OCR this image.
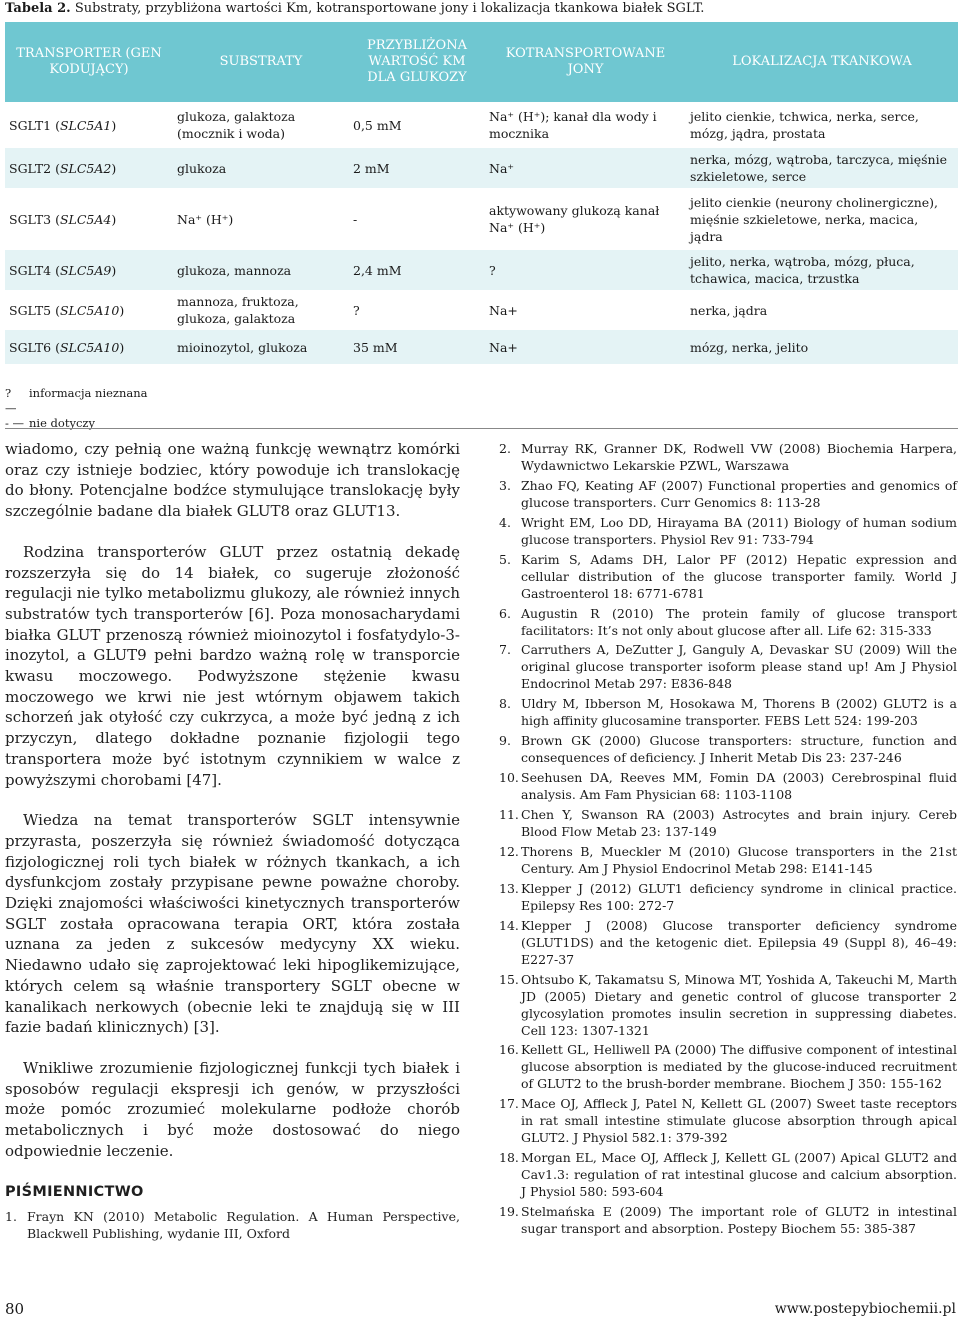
Tabela 2. Substraty, przybliżona wartości Km, kotransportowane jony i lokalizacja tkankowa białek SGLT.
TRANSPORTER (GEN KODUJĄCY)	SUBSTRATY	PRZYBLIŻONA WARTOŚĆ KM DLA GLUKOZY	KOTRANSPORTOWANE JONY	LOKALIZACJA TKANKOWA
SGLT1 (SLC5A1)	glukoza, galaktoza (mocznik i woda)	0,5 mM	Na⁺ (H⁺); kanał dla wody i mocznika	jelito cienkie, tchwica, nerka, serce, mózg, jądra, prostata
SGLT2 (SLC5A2)	glukoza	2 mM	Na⁺	nerka, mózg, wątroba, tarczyca, mięśnie szkieletowe, serce
SGLT3 (SLC5A4)	Na⁺ (H⁺)	-	aktywowany glukozą kanał Na⁺ (H⁺)	jelito cienkie (neurony cholinergiczne), mięśnie szkieletowe, nerka, macica, jądra
SGLT4 (SLC5A9)	glukoza, mannoza	2,4 mM	?	jelito, nerka, wątroba, mózg, płuca, tchawica, macica, trzustka
SGLT5 (SLC5A10)	mannoza, fruktoza, glukoza, galaktoza	?	Na+	nerka, jądra
SGLT6 (SLC5A10)	mioinozytol, glukoza	35 mM	Na+	mózg, nerka, jelito
? —
informacja nieznana
- — nie dotyczy

wiadomo, czy pełnią one ważną funkcję wewnątrz komórki oraz czy istnieje bodziec, który powoduje ich translokację do błony. Potencjalne bodźce stymulujące translokację były szczególnie badane dla białek GLUT8 oraz GLUT13.

Rodzina transporterów GLUT przez ostatnią dekadę rozszerzyła się do 14 białek, co sugeruje złożoność regulacji nie tylko metabolizmu glukozy, ale również innych substratów tych transporterów [6]. Poza monosacharydami białka GLUT przenoszą również mioinozytol i fosfatydylo-3-inozytol, a GLUT9 pełni bardzo ważną rolę w transporcie kwasu moczowego. Podwyższone stężenie kwasu moczowego we krwi nie jest wtórnym objawem takich schorzeń jak otyłość czy cukrzyca, a może być jedną z ich przyczyn, dlatego dokładne poznanie fizjologii tego transportera może być istotnym czynnikiem w walce z powyższymi chorobami [47].

Wiedza na temat transporterów SGLT intensywnie przyrasta, poszerzyła się również świadomość dotycząca fizjologicznej roli tych białek w różnych tkankach, a ich dysfunkcjom zostały przypisane pewne poważne choroby. Dzięki znajomości właściwości kinetycznych transporterów SGLT została opracowana terapia ORT, która została uznana za jeden z sukcesów medycyny XX wieku. Niedawno udało się zaprojektować leki hipoglikemizujące, których celem są właśnie transportery SGLT obecne w kanalikach nerkowych (obecnie leki te znajdują się w III fazie badań klinicznych) [3].

Wnikliwe zrozumienie fizjologicznej funkcji tych białek i sposobów regulacji ekspresji ich genów, w przyszłości może pomóc zrozumieć molekularne podłoże chorób metabolicznych i być może dostosować do niego odpowiednie leczenie.

PIŚMIENNICTWO
1. Frayn KN (2010) Metabolic Regulation. A Human Perspective, Blackwell Publishing, wydanie III, Oxford
2. Murray RK, Granner DK, Rodwell VW (2008) Biochemia Harpera, Wydawnictwo Lekarskie PZWL, Warszawa
3. Zhao FQ, Keating AF (2007) Functional properties and genomics of glucose transporters. Curr Genomics 8: 113-28
4. Wright EM, Loo DD, Hirayama BA (2011) Biology of human sodium glucose transporters. Physiol Rev 91: 733-794
5. Karim S, Adams DH, Lalor PF (2012) Hepatic expression and cellular distribution of the glucose transporter family. World J Gastroenterol 18: 6771-6781
6. Augustin R (2010) The protein family of glucose transport facilitators: It’s not only about glucose after all. Life 62: 315-333
7. Carruthers A, DeZutter J, Ganguly A, Devaskar SU (2009) Will the original glucose transporter isoform please stand up! Am J Physiol Endocrinol Metab 297: E836-848
8. Uldry M, Ibberson M, Hosokawa M, Thorens B (2002) GLUT2 is a high affinity glucosamine transporter. FEBS Lett 524: 199-203
9. Brown GK (2000) Glucose transporters: structure, function and consequences of deficiency. J Inherit Metab Dis 23: 237-246
10. Seehusen DA, Reeves MM, Fomin DA (2003) Cerebrospinal fluid analysis. Am Fam Physician 68: 1103-1108
11. Chen Y, Swanson RA (2003) Astrocytes and brain injury. Cereb Blood Flow Metab 23: 137-149
12. Thorens B, Mueckler M (2010) Glucose transporters in the 21st Century. Am J Physiol Endocrinol Metab 298: E141-145
13. Klepper J (2012) GLUT1 deficiency syndrome in clinical practice. Epilepsy Res 100: 272-7
14. Klepper J (2008) Glucose transporter deficiency syndrome (GLUT1DS) and the ketogenic diet. Epilepsia 49 (Suppl 8), 46–49: E227-37
15. Ohtsubo K, Takamatsu S, Minowa MT, Yoshida A, Takeuchi M, Marth JD (2005) Dietary and genetic control of glucose transporter 2 glycosylation promotes insulin secretion in suppressing diabetes. Cell 123: 1307-1321
16. Kellett GL, Helliwell PA (2000) The diffusive component of intestinal glucose absorption is mediated by the glucose-induced recruitment of GLUT2 to the brush-border membrane. Biochem J 350: 155-162
17. Mace OJ, Affleck J, Patel N, Kellett GL (2007) Sweet taste receptors in rat small intestine stimulate glucose absorption through apical GLUT2. J Physiol 582.1: 379-392
18. Morgan EL, Mace OJ, Affleck J, Kellett GL (2007) Apical GLUT2 and Cav1.3: regulation of rat intestinal glucose and calcium absorption. J Physiol 580: 593-604
19. Stelmańska E (2009) The important role of GLUT2 in intestinal sugar transport and absorption. Postepy Biochem 55: 385-387
80	www.postepybiochemii.pl
